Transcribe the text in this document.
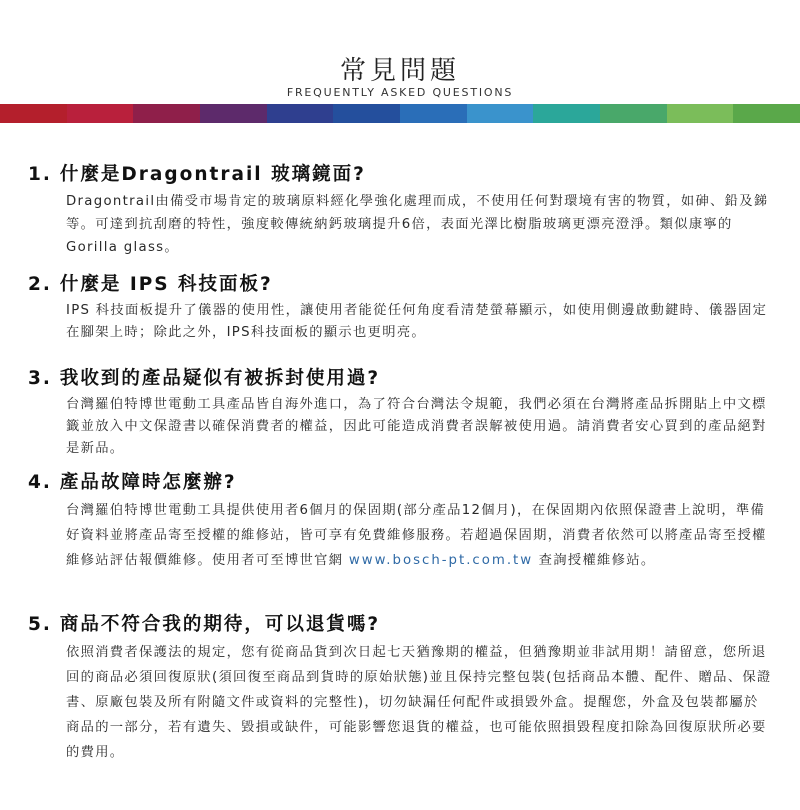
常見問題
FREQUENTLY ASKED QUESTIONS
1. 什麼是Dragontrail 玻璃鏡面?
Dragontrail由備受市場肯定的玻璃原料經化學強化處理而成，不使用任何對環境有害的物質，如砷、鉛及銻等。可達到抗刮磨的特性，強度較傳統納鈣玻璃提升6倍，表面光澤比樹脂玻璃更漂亮澄淨。類似康寧的Gorilla glass。
2. 什麼是 IPS 科技面板?
IPS 科技面板提升了儀器的使用性，讓使用者能從任何角度看清楚螢幕顯示，如使用側邊啟動鍵時、儀器固定在腳架上時；除此之外，IPS科技面板的顯示也更明亮。
3. 我收到的產品疑似有被拆封使用過?
台灣羅伯特博世電動工具產品皆自海外進口，為了符合台灣法令規範，我們必須在台灣將產品拆開貼上中文標籤並放入中文保證書以確保消費者的權益，因此可能造成消費者誤解被使用過。請消費者安心買到的產品絕對是新品。
4. 產品故障時怎麼辦?
台灣羅伯特博世電動工具提供使用者6個月的保固期(部分產品12個月)，在保固期內依照保證書上說明，準備好資料並將產品寄至授權的維修站，皆可享有免費維修服務。若超過保固期，消費者依然可以將產品寄至授權維修站評估報價維修。使用者可至博世官網 www.bosch-pt.com.tw 查詢授權維修站。
5. 商品不符合我的期待，可以退貨嗎?
依照消費者保護法的規定，您有從商品貨到次日起七天猶豫期的權益，但猶豫期並非試用期！請留意，您所退回的商品必須回復原狀(須回復至商品到貨時的原始狀態)並且保持完整包裝(包括商品本體、配件、贈品、保證書、原廠包裝及所有附隨文件或資料的完整性)，切勿缺漏任何配件或損毀外盒。提醒您，外盒及包裝都屬於商品的一部分，若有遺失、毀損或缺件，可能影響您退貨的權益，也可能依照損毀程度扣除為回復原狀所必要的費用。
